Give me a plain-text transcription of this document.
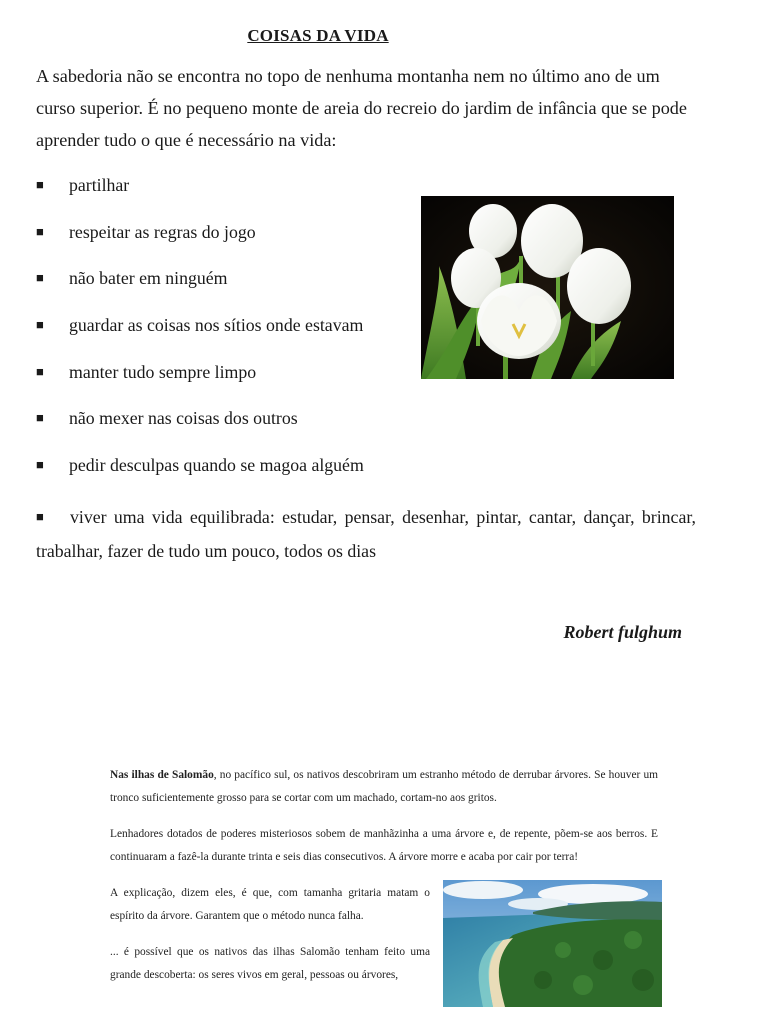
COISAS DA VIDA

A sabedoria não se encontra no topo de nenhuma montanha nem no último ano de um curso superior. É no pequeno monte de areia do recreio do jardim de infância que se pode aprender tudo o que é necessário na vida:

■ partilhar
■ respeitar as regras do jogo
■ não bater em ninguém
■ guardar as coisas nos sítios onde estavam
■ manter tudo sempre limpo
■ não mexer nas coisas dos outros
■ pedir desculpas quando se magoa alguém

■ viver uma vida equilibrada: estudar, pensar, desenhar, pintar, cantar, dançar, brincar, trabalhar, fazer de tudo um pouco, todos os dias

Robert fulghum

Nas ilhas de Salomão, no pacífico sul, os nativos descobriram um estranho método de derrubar árvores. Se houver um tronco suficientemente grosso para se cortar com um machado, cortam-no aos gritos.

Lenhadores dotados de poderes misteriosos sobem de manhãzinha a uma árvore e, de repente, põem-se aos berros. E continuaram a fazê-la durante trinta e seis dias consecutivos. A árvore morre e acaba por cair por terra!

A explicação, dizem eles, é que, com tamanha gritaria matam o espírito da árvore. Garantem que o método nunca falha.

... é possível que os nativos das ilhas Salomão tenham feito uma grande descoberta: os seres vivos em geral, pessoas ou árvores,
